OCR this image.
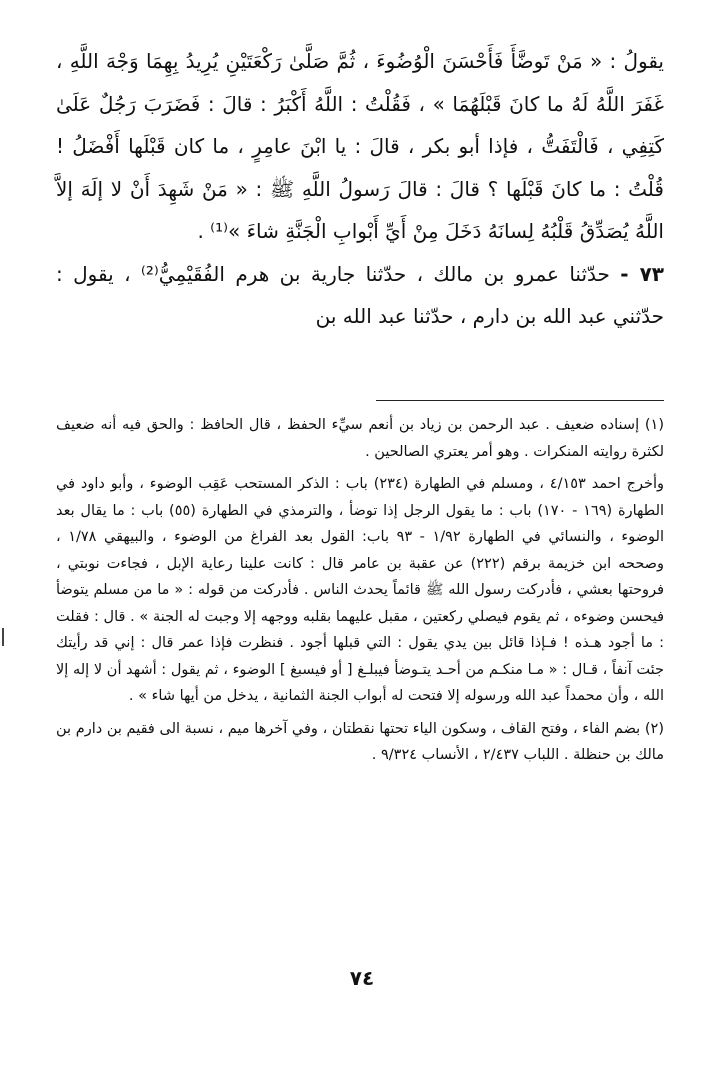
يقولُ : « مَنْ تَوضَّأَ فَأَحْسَنَ الْوُضُوءَ ، ثُمَّ صَلَّىٰ رَكْعَتَيْنِ يُرِيدُ بِهِمَا وَجْهَ اللَّهِ ، غَفَرَ اللَّهُ لَهُ ما كانَ قَبْلَهُمَا » ، فَقُلْتُ : اللَّهُ أَكْبَرُ : قالَ : فَضَرَبَ رَجُلٌ عَلَىٰ كَتِفِي ، فَالْتَفَتُّ ، فإذا أبو بكر ، قالَ : يا ابْنَ عامِرٍ ، ما كان قَبْلَها أَفْضَلُ ! قُلْتُ : ما كانَ قَبْلَها ؟ قالَ : قالَ رَسولُ اللَّهِ ﷺ : « مَنْ شَهِدَ أَنْ لا إلَهَ إلاَّ اللَّهُ يُصَدِّقُ قَلْبُهُ لِسانَهُ دَخَلَ مِنْ أَيِّ أَبْوابِ الْجَنَّةِ شاءَ »⁽¹⁾ .

٧٣ - حدّثنا عمرو بن مالك ، حدّثنا جارية بن هرم الفُقَيْمِيُّ⁽²⁾ ، يقول : حدّثني عبد الله بن دارم ، حدّثنا عبد الله بن

(١) إسناده ضعيف . عبد الرحمن بن زياد بن أنعم سيِّء الحفظ ، قال الحافظ : والحق فيه أنه ضعيف لكثرة روايته المنكرات . وهو أمر يعتري الصالحين .

وأخرج احمد ٤/١٥٣ ، ومسلم في الطهارة (٢٣٤) باب : الذكر المستحب عَقِب الوضوء ، وأبو داود في الطهارة (١٦٩ - ١٧٠) باب : ما يقول الرجل إذا توضأ ، والترمذي في الطهارة (٥٥) باب : ما يقال بعد الوضوء ، والنسائي في الطهارة ١/٩٢ - ٩٣ باب: القول بعد الفراغ من الوضوء ، والبيهقي ١/٧٨ ، وصححه ابن خزيمة برقم (٢٢٢) عن عقبة بن عامر قال : كانت علينا رعاية الإبل ، فجاءت نوبتي ، فروحتها بعشي ، فأدركت رسول الله ﷺ قائماً يحدث الناس . فأدركت من قوله : « ما من مسلم يتوضأ فيحسن وضوءه ، ثم يقوم فيصلي ركعتين ، مقبل عليهما بقلبه ووجهه إلا وجبت له الجنة » . قال : فقلت : ما أجود هـذه ! فـإذا قائل بين يدي يقول : التي قبلها أجود . فنظرت فإذا عمر قال : إني قد رأيتك جئت آنفاً ، قـال : « مـا منكـم من أحـد يتـوضأ فيبلـغ [ أو فيسبغ ] الوضوء ، ثم يقول : أشهد أن لا إله إلا الله ، وأن محمداً عبد الله ورسوله إلا فتحت له أبواب الجنة الثمانية ، يدخل من أيها شاء » .

(٢) بضم الفاء ، وفتح القاف ، وسكون الياء تحتها نقطتان ، وفي آخرها ميم ، نسبة الى فقيم بن دارم بن مالك بن حنظلة . اللباب ٢/٤٣٧ ، الأنساب ٩/٣٢٤ .

٧٤
